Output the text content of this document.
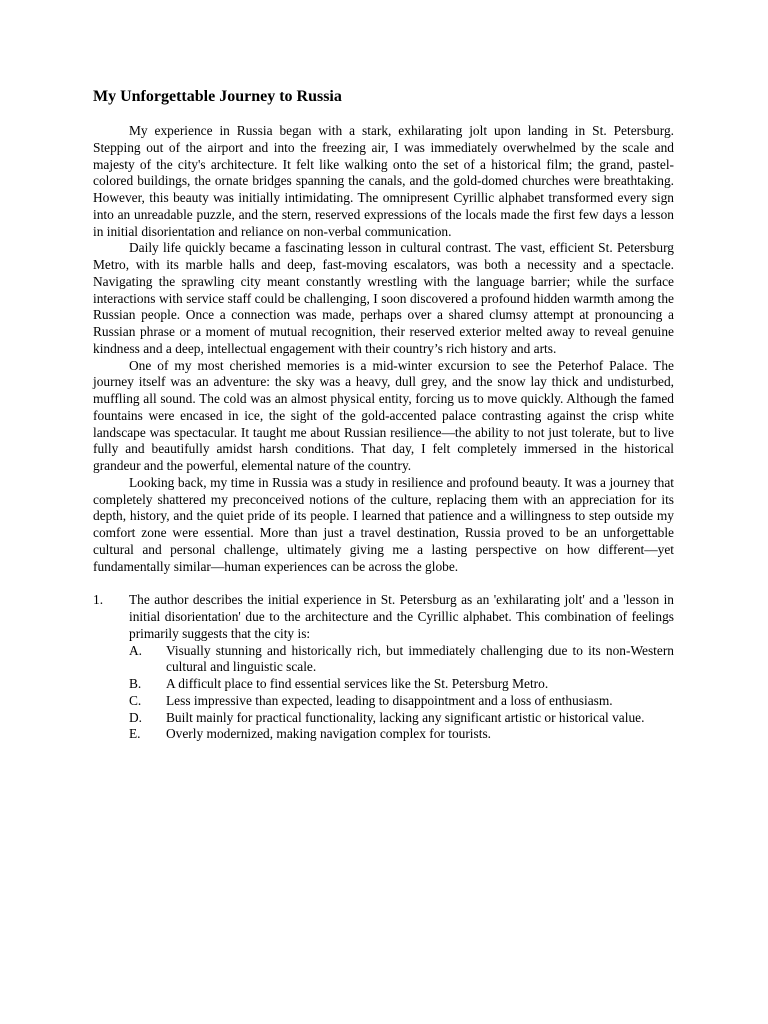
My Unforgettable Journey to Russia

My experience in Russia began with a stark, exhilarating jolt upon landing in St. Petersburg. Stepping out of the airport and into the freezing air, I was immediately overwhelmed by the scale and majesty of the city's architecture. It felt like walking onto the set of a historical film; the grand, pastel-colored buildings, the ornate bridges spanning the canals, and the gold-domed churches were breathtaking. However, this beauty was initially intimidating. The omnipresent Cyrillic alphabet transformed every sign into an unreadable puzzle, and the stern, reserved expressions of the locals made the first few days a lesson in initial disorientation and reliance on non-verbal communication.

Daily life quickly became a fascinating lesson in cultural contrast. The vast, efficient St. Petersburg Metro, with its marble halls and deep, fast-moving escalators, was both a necessity and a spectacle. Navigating the sprawling city meant constantly wrestling with the language barrier; while the surface interactions with service staff could be challenging, I soon discovered a profound hidden warmth among the Russian people. Once a connection was made, perhaps over a shared clumsy attempt at pronouncing a Russian phrase or a moment of mutual recognition, their reserved exterior melted away to reveal genuine kindness and a deep, intellectual engagement with their country’s rich history and arts.

One of my most cherished memories is a mid-winter excursion to see the Peterhof Palace. The journey itself was an adventure: the sky was a heavy, dull grey, and the snow lay thick and undisturbed, muffling all sound. The cold was an almost physical entity, forcing us to move quickly. Although the famed fountains were encased in ice, the sight of the gold-accented palace contrasting against the crisp white landscape was spectacular. It taught me about Russian resilience—the ability to not just tolerate, but to live fully and beautifully amidst harsh conditions. That day, I felt completely immersed in the historical grandeur and the powerful, elemental nature of the country.

Looking back, my time in Russia was a study in resilience and profound beauty. It was a journey that completely shattered my preconceived notions of the culture, replacing them with an appreciation for its depth, history, and the quiet pride of its people. I learned that patience and a willingness to step outside my comfort zone were essential. More than just a travel destination, Russia proved to be an unforgettable cultural and personal challenge, ultimately giving me a lasting perspective on how different—yet fundamentally similar—human experiences can be across the globe.

1.	The author describes the initial experience in St. Petersburg as an 'exhilarating jolt' and a 'lesson in initial disorientation' due to the architecture and the Cyrillic alphabet. This combination of feelings primarily suggests that the city is:
A.	Visually stunning and historically rich, but immediately challenging due to its non-Western cultural and linguistic scale.
B.	A difficult place to find essential services like the St. Petersburg Metro.
C.	Less impressive than expected, leading to disappointment and a loss of enthusiasm.
D.	Built mainly for practical functionality, lacking any significant artistic or historical value.
E.	Overly modernized, making navigation complex for tourists.
